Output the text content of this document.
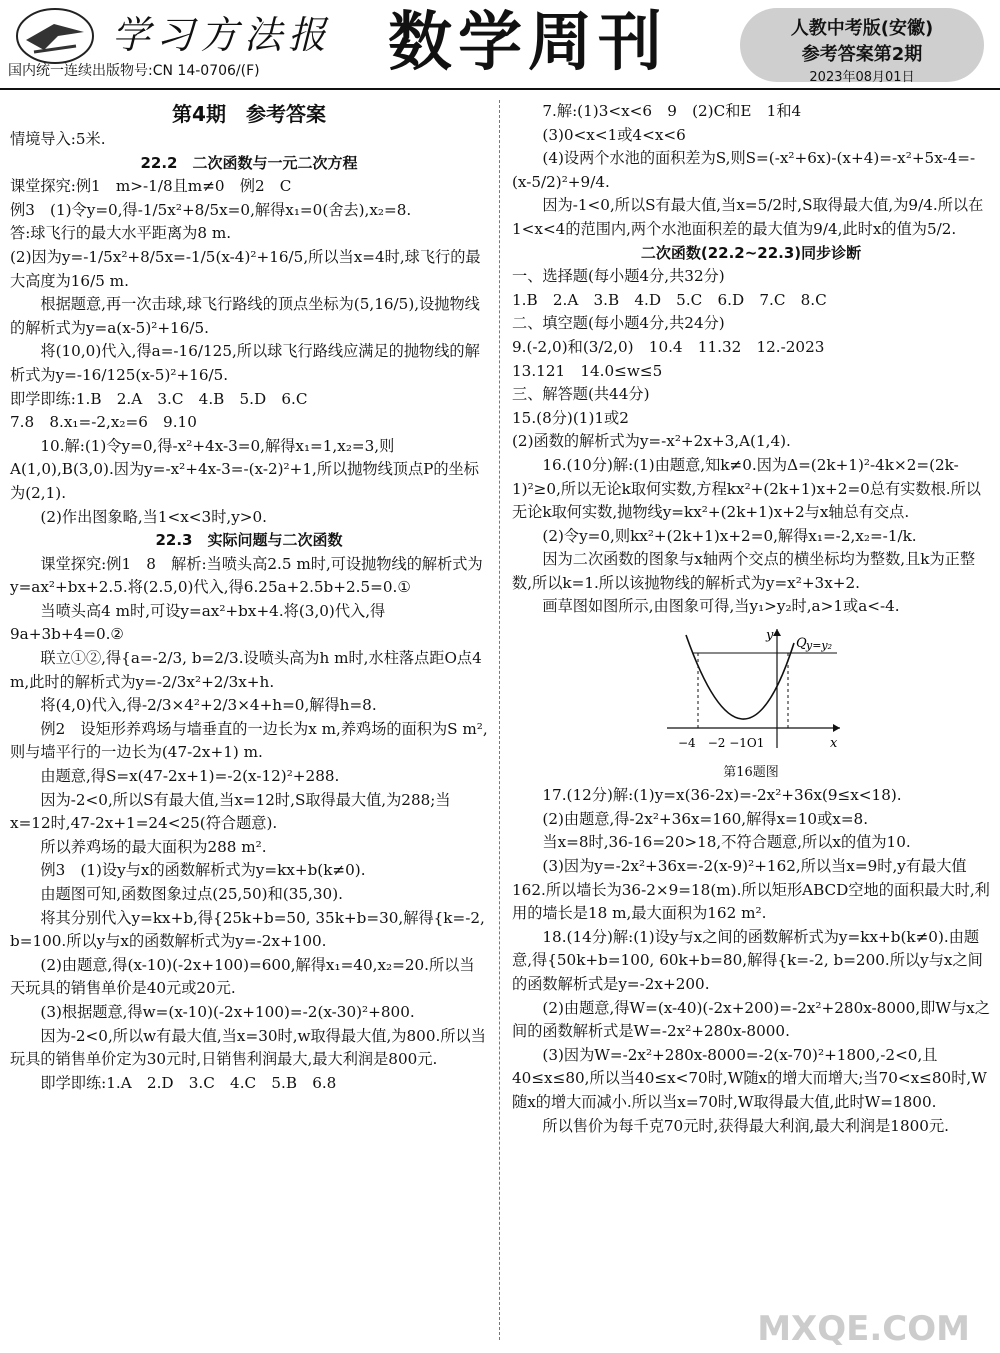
学习方法报
国内统一连续出版物号:CN 14-0706/(F) 数学周刊	人教中考版(安徽)
参考答案第2期
2023年08月01日

第4期　参考答案

情境导入:5米.

22.2　二次函数与一元二次方程

课堂探究:例1　m>-1/8且m≠0　例2　C

例3　(1)令y=0,得-1/5x²+8/5x=0,解得x₁=0(舍去),x₂=8.

答:球飞行的最大水平距离为8 m.

(2)因为y=-1/5x²+8/5x=-1/5(x-4)²+16/5,所以当x=4时,球飞行的最大高度为16/5 m.

根据题意,再一次击球,球飞行路线的顶点坐标为(5,16/5),设抛物线的解析式为y=a(x-5)²+16/5.

将(10,0)代入,得a=-16/125,所以球飞行路线应满足的抛物线的解析式为y=-16/125(x-5)²+16/5.

即学即练:1.B　2.A　3.C　4.B　5.D　6.C

7.8　8.x₁=-2,x₂=6　9.10

10.解:(1)令y=0,得-x²+4x-3=0,解得x₁=1,x₂=3,则A(1,0),B(3,0).因为y=-x²+4x-3=-(x-2)²+1,所以抛物线顶点P的坐标为(2,1).

(2)作出图象略,当1<x<3时,y>0.

22.3　实际问题与二次函数

课堂探究:例1　8　解析:当喷头高2.5 m时,可设抛物线的解析式为y=ax²+bx+2.5.将(2.5,0)代入,得6.25a+2.5b+2.5=0.①

当喷头高4 m时,可设y=ax²+bx+4.将(3,0)代入,得9a+3b+4=0.②

联立①②,得{a=-2/3, b=2/3.设喷头高为h m时,水柱落点距O点4 m,此时的解析式为y=-2/3x²+2/3x+h.

将(4,0)代入,得-2/3×4²+2/3×4+h=0,解得h=8.

例2　设矩形养鸡场与墙垂直的一边长为x m,养鸡场的面积为S m²,则与墙平行的一边长为(47-2x+1) m.

由题意,得S=x(47-2x+1)=-2(x-12)²+288.

因为-2<0,所以S有最大值,当x=12时,S取得最大值,为288;当x=12时,47-2x+1=24<25(符合题意).

所以养鸡场的最大面积为288 m².

例3　(1)设y与x的函数解析式为y=kx+b(k≠0).

由题图可知,函数图象过点(25,50)和(35,30).

将其分别代入y=kx+b,得{25k+b=50, 35k+b=30,解得{k=-2, b=100.所以y与x的函数解析式为y=-2x+100.

(2)由题意,得(x-10)(-2x+100)=600,解得x₁=40,x₂=20.所以当天玩具的销售单价是40元或20元.

(3)根据题意,得w=(x-10)(-2x+100)=-2(x-30)²+800.

因为-2<0,所以w有最大值,当x=30时,w取得最大值,为800.所以当玩具的销售单价定为30元时,日销售利润最大,最大利润是800元.

即学即练:1.A　2.D　3.C　4.C　5.B　6.8

7.解:(1)3<x<6　9　(2)C和E　1和4

(3)0<x<1或4<x<6

(4)设两个水池的面积差为S,则S=(-x²+6x)-(x+4)=-x²+5x-4=-(x-5/2)²+9/4.

因为-1<0,所以S有最大值,当x=5/2时,S取得最大值,为9/4.所以在1<x<4的范围内,两个水池面积差的最大值为9/4,此时x的值为5/2.

二次函数(22.2~22.3)同步诊断

一、选择题(每小题4分,共32分)

1.B　2.A　3.B　4.D　5.C　6.D　7.C　8.C

二、填空题(每小题4分,共24分)

9.(-2,0)和(3/2,0)　10.4　11.32　12.-2023

13.121　14.0≤w≤5

三、解答题(共44分)

15.(8分)(1)1或2

(2)函数的解析式为y=-x²+2x+3,A(1,4).

16.(10分)解:(1)由题意,知k≠0.因为Δ=(2k+1)²-4k×2=(2k-1)²≥0,所以无论k取何实数,方程kx²+(2k+1)x+2=0总有实数根.所以无论k取何实数,抛物线y=kx²+(2k+1)x+2与x轴总有交点.

(2)令y=0,则kx²+(2k+1)x+2=0,解得x₁=-2,x₂=-1/k.

因为二次函数的图象与x轴两个交点的横坐标均为整数,且k为正整数,所以k=1.所以该抛物线的解析式为y=x²+3x+2.

画草图如图所示,由图象可得,当y₁>y₂时,a>1或a<-4.

y
Q y=y₂
x
−4　−2 −1O1
第16题图

17.(12分)解:(1)y=x(36-2x)=-2x²+36x(9≤x<18).

(2)由题意,得-2x²+36x=160,解得x=10或x=8.

当x=8时,36-16=20>18,不符合题意,所以x的值为10.

(3)因为y=-2x²+36x=-2(x-9)²+162,所以当x=9时,y有最大值162.所以墙长为36-2×9=18(m).所以矩形ABCD空地的面积最大时,利用的墙长是18 m,最大面积为162 m².

18.(14分)解:(1)设y与x之间的函数解析式为y=kx+b(k≠0).由题意,得{50k+b=100, 60k+b=80,解得{k=-2, b=200.所以y与x之间的函数解析式是y=-2x+200.

(2)由题意,得W=(x-40)(-2x+200)=-2x²+280x-8000,即W与x之间的函数解析式是W=-2x²+280x-8000.

(3)因为W=-2x²+280x-8000=-2(x-70)²+1800,-2<0,且40≤x≤80,所以当40≤x<70时,W随x的增大而增大;当70<x≤80时,W随x的增大而减小.所以当x=70时,W取得最大值,此时W=1800.

所以售价为每千克70元时,获得最大利润,最大利润是1800元.

MXQE.COM
